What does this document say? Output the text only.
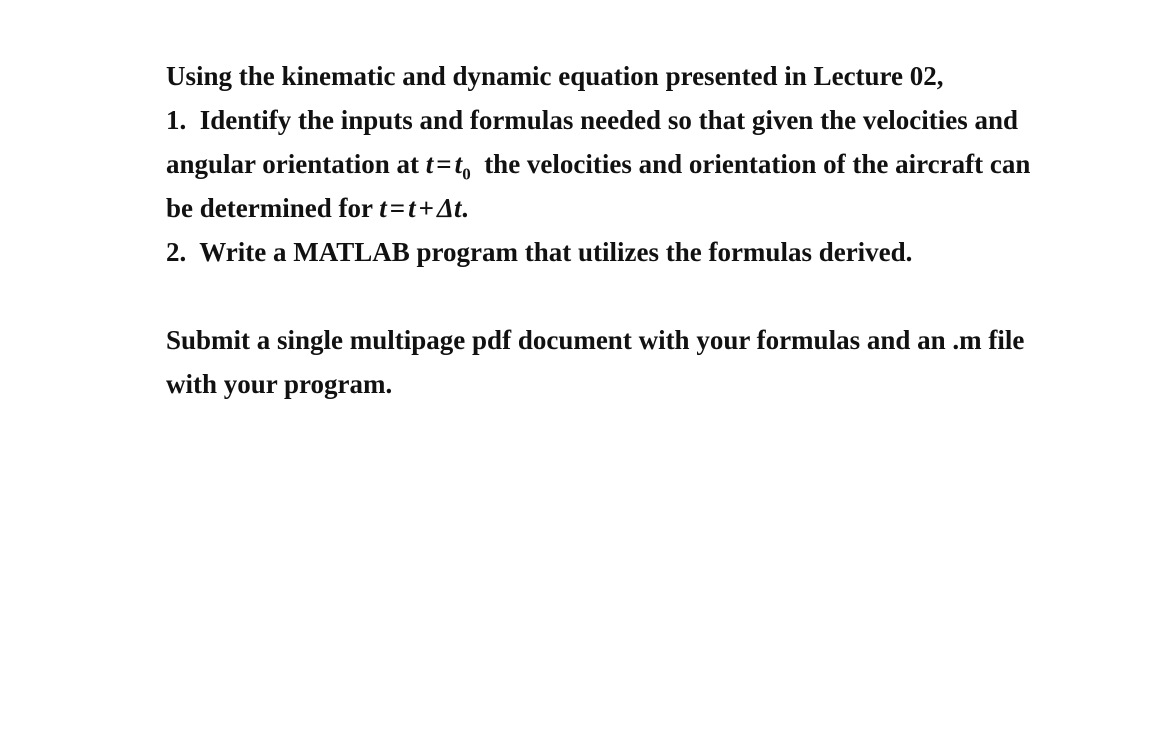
Using the kinematic and dynamic equation presented in Lecture 02,
1. Identify the inputs and formulas needed so that given the velocities and
angular orientation at $t = t_0$ the velocities and orientation of the aircraft can
be determined for t = t + Δt.
2. Write a MATLAB program that utilizes the formulas derived.
Submit a single multipage pdf document with your formulas and an .m file
with your program.
